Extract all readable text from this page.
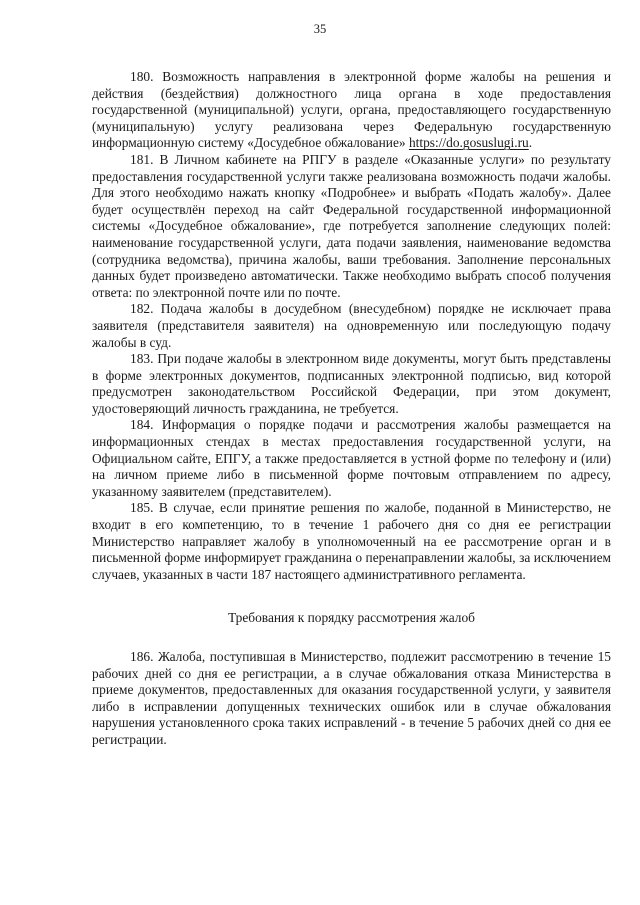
35

180. Возможность направления в электронной форме жалобы на решения и действия (бездействия) должностного лица органа в ходе предоставления государственной (муниципальной) услуги, органа, предоставляющего государственную (муниципальную) услугу реализована через Федеральную государственную информационную систему «Досудебное обжалование» https://do.gosuslugi.ru.

181. В Личном кабинете на РПГУ в разделе «Оказанные услуги» по результату предоставления государственной услуги также реализована возможность подачи жалобы. Для этого необходимо нажать кнопку «Подробнее» и выбрать «Подать жалобу». Далее будет осуществлён переход на сайт Федеральной государственной информационной системы «Досудебное обжалование», где потребуется заполнение следующих полей: наименование государственной услуги, дата подачи заявления, наименование ведомства (сотрудника ведомства), причина жалобы, ваши требования. Заполнение персональных данных будет произведено автоматически. Также необходимо выбрать способ получения ответа: по электронной почте или по почте.

182. Подача жалобы в досудебном (внесудебном) порядке не исключает права заявителя (представителя заявителя) на одновременную или последующую подачу жалобы в суд.

183. При подаче жалобы в электронном виде документы, могут быть представлены в форме электронных документов, подписанных электронной подписью, вид которой предусмотрен законодательством Российской Федерации, при этом документ, удостоверяющий личность гражданина, не требуется.

184. Информация о порядке подачи и рассмотрения жалобы размещается на информационных стендах в местах предоставления государственной услуги, на Официальном сайте, ЕПГУ, а также предоставляется в устной форме по телефону и (или) на личном приеме либо в письменной форме почтовым отправлением по адресу, указанному заявителем (представителем).

185. В случае, если принятие решения по жалобе, поданной в Министерство, не входит в его компетенцию, то в течение 1 рабочего дня со дня ее регистрации Министерство направляет жалобу в уполномоченный на ее рассмотрение орган и в письменной форме информирует гражданина о перенаправлении жалобы, за исключением случаев, указанных в части 187 настоящего административного регламента.

Требования к порядку рассмотрения жалоб

186. Жалоба, поступившая в Министерство, подлежит рассмотрению в течение 15 рабочих дней со дня ее регистрации, а в случае обжалования отказа Министерства в приеме документов, предоставленных для оказания государственной услуги, у заявителя либо в исправлении допущенных технических ошибок или в случае обжалования нарушения установленного срока таких исправлений - в течение 5 рабочих дней со дня ее регистрации.
